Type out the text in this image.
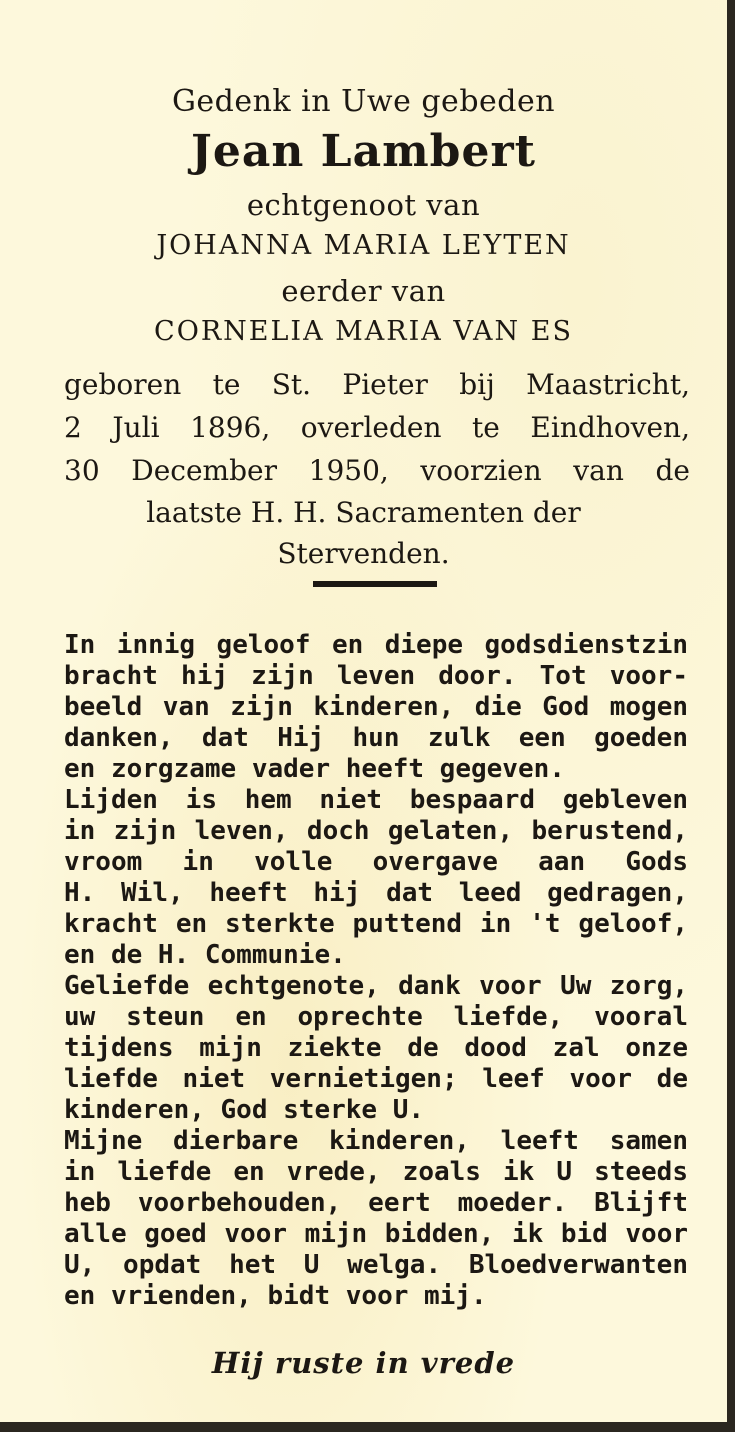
Gedenk in Uwe gebeden
Jean Lambert
echtgenoot van
JOHANNA MARIA LEYTEN
eerder van
CORNELIA MARIA VAN ES
geboren te St. Pieter bij Maastricht,
2 Juli 1896, overleden te Eindhoven,
30 December 1950, voorzien van de
laatste H. H. Sacramenten der
Stervenden.
In innig geloof en diepe godsdienstzin
bracht hij zijn leven door. Tot voor-
beeld van zijn kinderen, die God mogen
danken, dat Hij hun zulk een goeden
en zorgzame vader heeft gegeven.
Lijden is hem niet bespaard gebleven
in zijn leven, doch gelaten, berustend,
vroom in volle overgave aan Gods
H. Wil, heeft hij dat leed gedragen,
kracht en sterkte puttend in 't geloof,
en de H. Communie.
Geliefde echtgenote, dank voor Uw zorg,
uw steun en oprechte liefde, vooral
tijdens mijn ziekte de dood zal onze
liefde niet vernietigen; leef voor de
kinderen, God sterke U.
Mijne dierbare kinderen, leeft samen
in liefde en vrede, zoals ik U steeds
heb voorbehouden, eert moeder. Blijft
alle goed voor mijn bidden, ik bid voor
U, opdat het U welga. Bloedverwanten
en vrienden, bidt voor mij.
Hij ruste in vrede
